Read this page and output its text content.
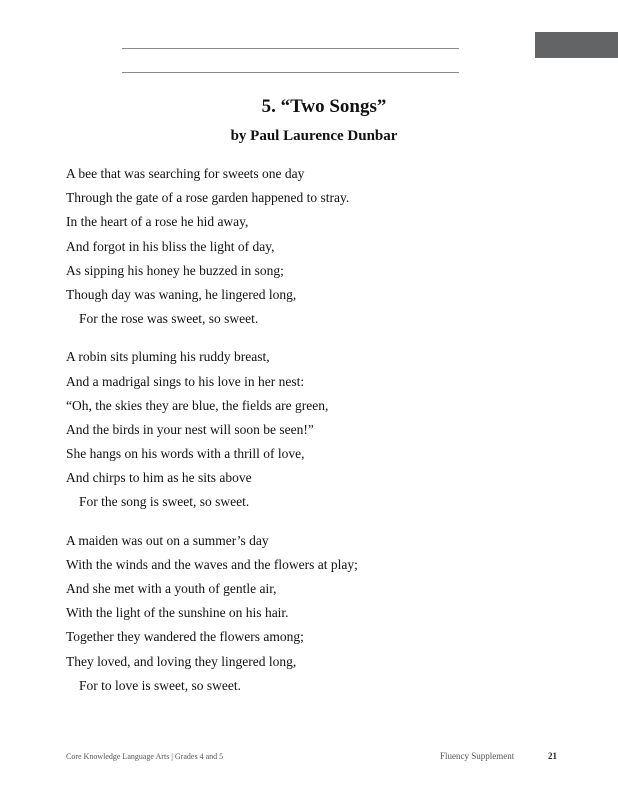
5. “Two Songs”
by Paul Laurence Dunbar
A bee that was searching for sweets one day
Through the gate of a rose garden happened to stray.
In the heart of a rose he hid away,
And forgot in his bliss the light of day,
As sipping his honey he buzzed in song;
Though day was waning, he lingered long,
For the rose was sweet, so sweet.
A robin sits pluming his ruddy breast,
And a madrigal sings to his love in her nest:
“Oh, the skies they are blue, the fields are green,
And the birds in your nest will soon be seen!”
She hangs on his words with a thrill of love,
And chirps to him as he sits above
For the song is sweet, so sweet.
A maiden was out on a summer’s day
With the winds and the waves and the flowers at play;
And she met with a youth of gentle air,
With the light of the sunshine on his hair.
Together they wandered the flowers among;
They loved, and loving they lingered long,
For to love is sweet, so sweet.
Core Knowledge Language Arts | Grades 4 and 5	Fluency Supplement	21
